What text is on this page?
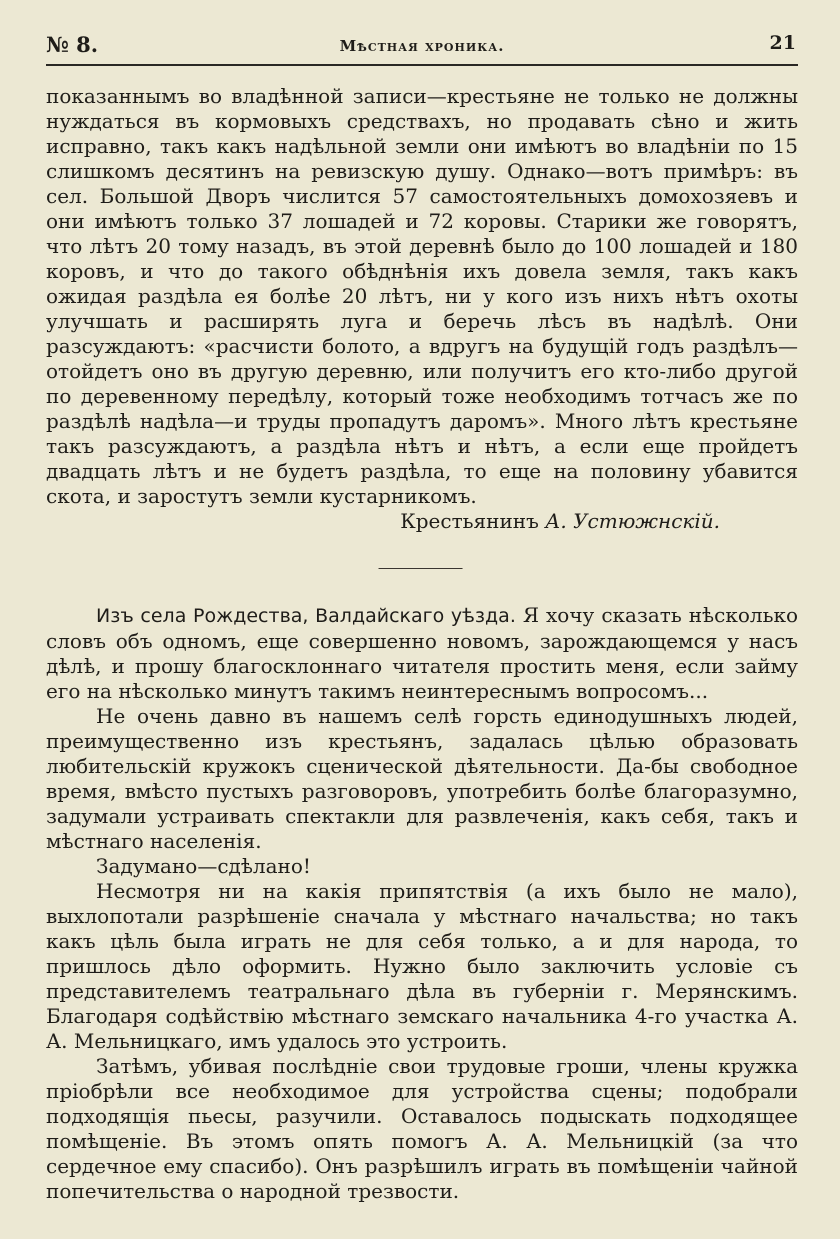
№ 8.	Мѣстная хроника.	21

показаннымъ во владѣнной записи—крестьяне не только не должны нуждаться въ кормовыхъ средствахъ, но продавать сѣно и жить исправно, такъ какъ надѣльной земли они имѣютъ во владѣніи по 15 слишкомъ десятинъ на ревизскую душу. Однако—вотъ примѣръ: въ сел. Большой Дворъ числится 57 самостоятельныхъ домохозяевъ и они имѣютъ только 37 лошадей и 72 коровы. Старики же говорятъ, что лѣтъ 20 тому назадъ, въ этой деревнѣ было до 100 лошадей и 180 коровъ, и что до такого обѣднѣнія ихъ довела земля, такъ какъ ожидая раздѣла ея болѣе 20 лѣтъ, ни у кого изъ нихъ нѣтъ охоты улучшать и расширять луга и беречь лѣсъ въ надѣлѣ. Они разсуждаютъ: «расчисти болото, а вдругъ на будущій годъ раздѣлъ—отойдетъ оно въ другую деревню, или получитъ его кто-либо другой по деревенному передѣлу, который тоже необходимъ тотчасъ же по раздѣлѣ надѣла—и труды пропадутъ даромъ». Много лѣтъ крестьяне такъ разсуждаютъ, а раздѣла нѣтъ и нѣтъ, а если еще пройдетъ двадцать лѣтъ и не будетъ раздѣла, то еще на половину убавится скота, и заростутъ земли кустарникомъ.

Крестьянинъ А. Устюжнскій.

Изъ села Рождества, Валдайскаго уѣзда. Я хочу сказать нѣсколько словъ объ одномъ, еще совершенно новомъ, зарождающемся у насъ дѣлѣ, и прошу благосклоннаго читателя простить меня, если займу его на нѣсколько минутъ такимъ неинтереснымъ вопросомъ...

Не очень давно въ нашемъ селѣ горсть единодушныхъ людей, преимущественно изъ крестьянъ, задалась цѣлью образовать любительскій кружокъ сценической дѣятельности. Да-бы свободное время, вмѣсто пустыхъ разговоровъ, употребить болѣе благоразумно, задумали устраивать спектакли для развлеченія, какъ себя, такъ и мѣстнаго населенія.

Задумано—сдѣлано!

Несмотря ни на какія припятствія (а ихъ было не мало), выхлопотали разрѣшеніе сначала у мѣстнаго начальства; но такъ какъ цѣль была играть не для себя только, а и для народа, то пришлось дѣло оформить. Нужно было заключить условіе съ представителемъ театральнаго дѣла въ губерніи г. Мерянскимъ. Благодаря содѣйствію мѣстнаго земскаго начальника 4-го участка А. А. Мельницкаго, имъ удалось это устроить.

Затѣмъ, убивая послѣдніе свои трудовые гроши, члены кружка пріобрѣли все необходимое для устройства сцены; подобрали подходящія пьесы, разучили. Оставалось подыскать подходящее помѣщеніе. Въ этомъ опять помогъ А. А. Мельницкій (за что сердечное ему спасибо). Онъ разрѣшилъ играть въ помѣщеніи чайной попечительства о народной трезвости.
